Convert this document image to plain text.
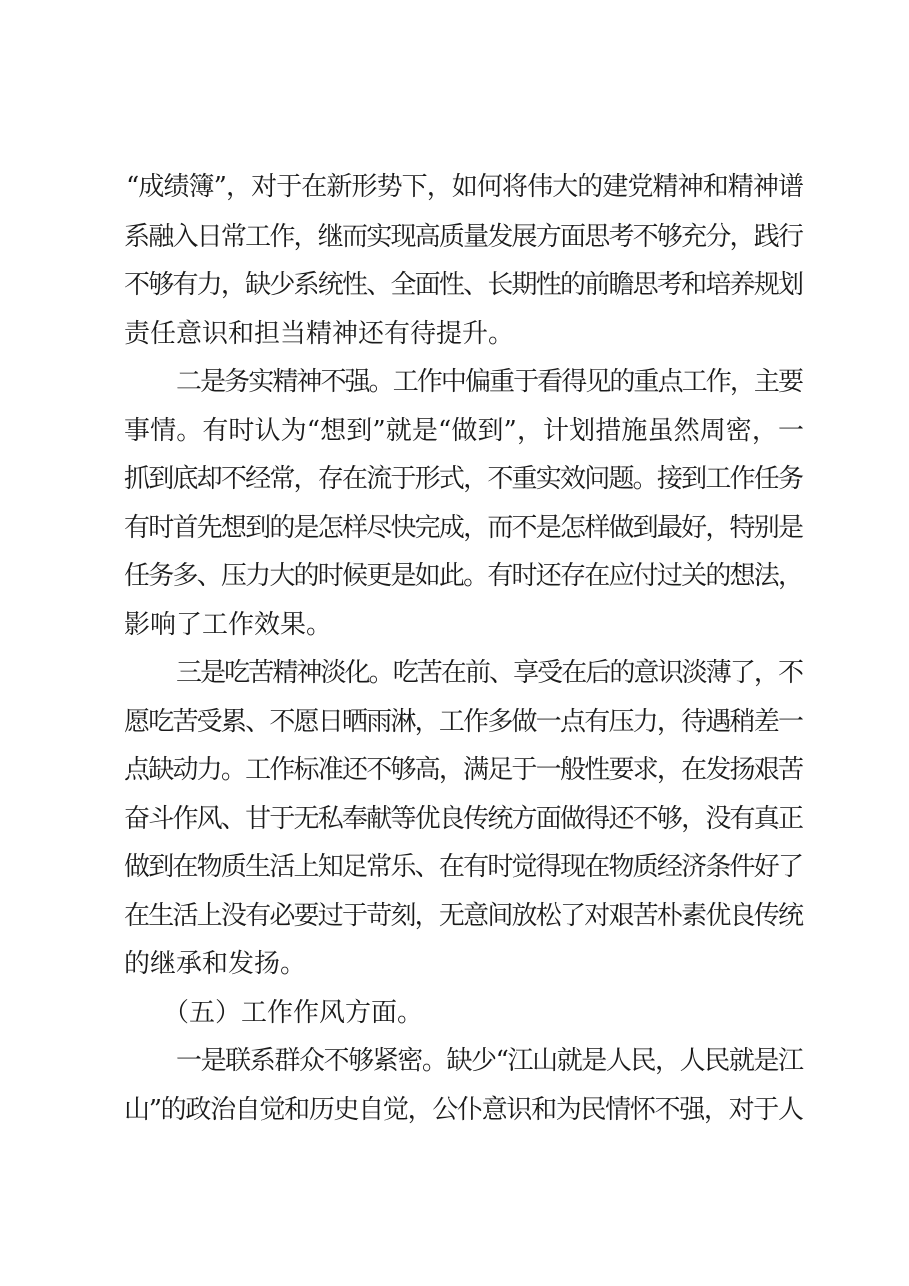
“成绩簿”，对于在新形势下，如何将伟大的建党精神和精神谱

系融入日常工作，继而实现高质量发展方面思考不够充分，践行

不够有力，缺少系统性、全面性、长期性的前瞻思考和培养规划

责任意识和担当精神还有待提升。

二是务实精神不强。工作中偏重于看得见的重点工作，主要

事情。有时认为“想到”就是“做到”，计划措施虽然周密，一

抓到底却不经常，存在流于形式，不重实效问题。接到工作任务

有时首先想到的是怎样尽快完成，而不是怎样做到最好，特别是

任务多、压力大的时候更是如此。有时还存在应付过关的想法，

影响了工作效果。

三是吃苦精神淡化。吃苦在前、享受在后的意识淡薄了，不

愿吃苦受累、不愿日晒雨淋，工作多做一点有压力，待遇稍差一

点缺动力。工作标准还不够高，满足于一般性要求，在发扬艰苦

奋斗作风、甘于无私奉献等优良传统方面做得还不够，没有真正

做到在物质生活上知足常乐、在有时觉得现在物质经济条件好了

在生活上没有必要过于苛刻，无意间放松了对艰苦朴素优良传统

的继承和发扬。

（五）工作作风方面。

一是联系群众不够紧密。缺少“江山就是人民，人民就是江

山”的政治自觉和历史自觉，公仆意识和为民情怀不强，对于人
